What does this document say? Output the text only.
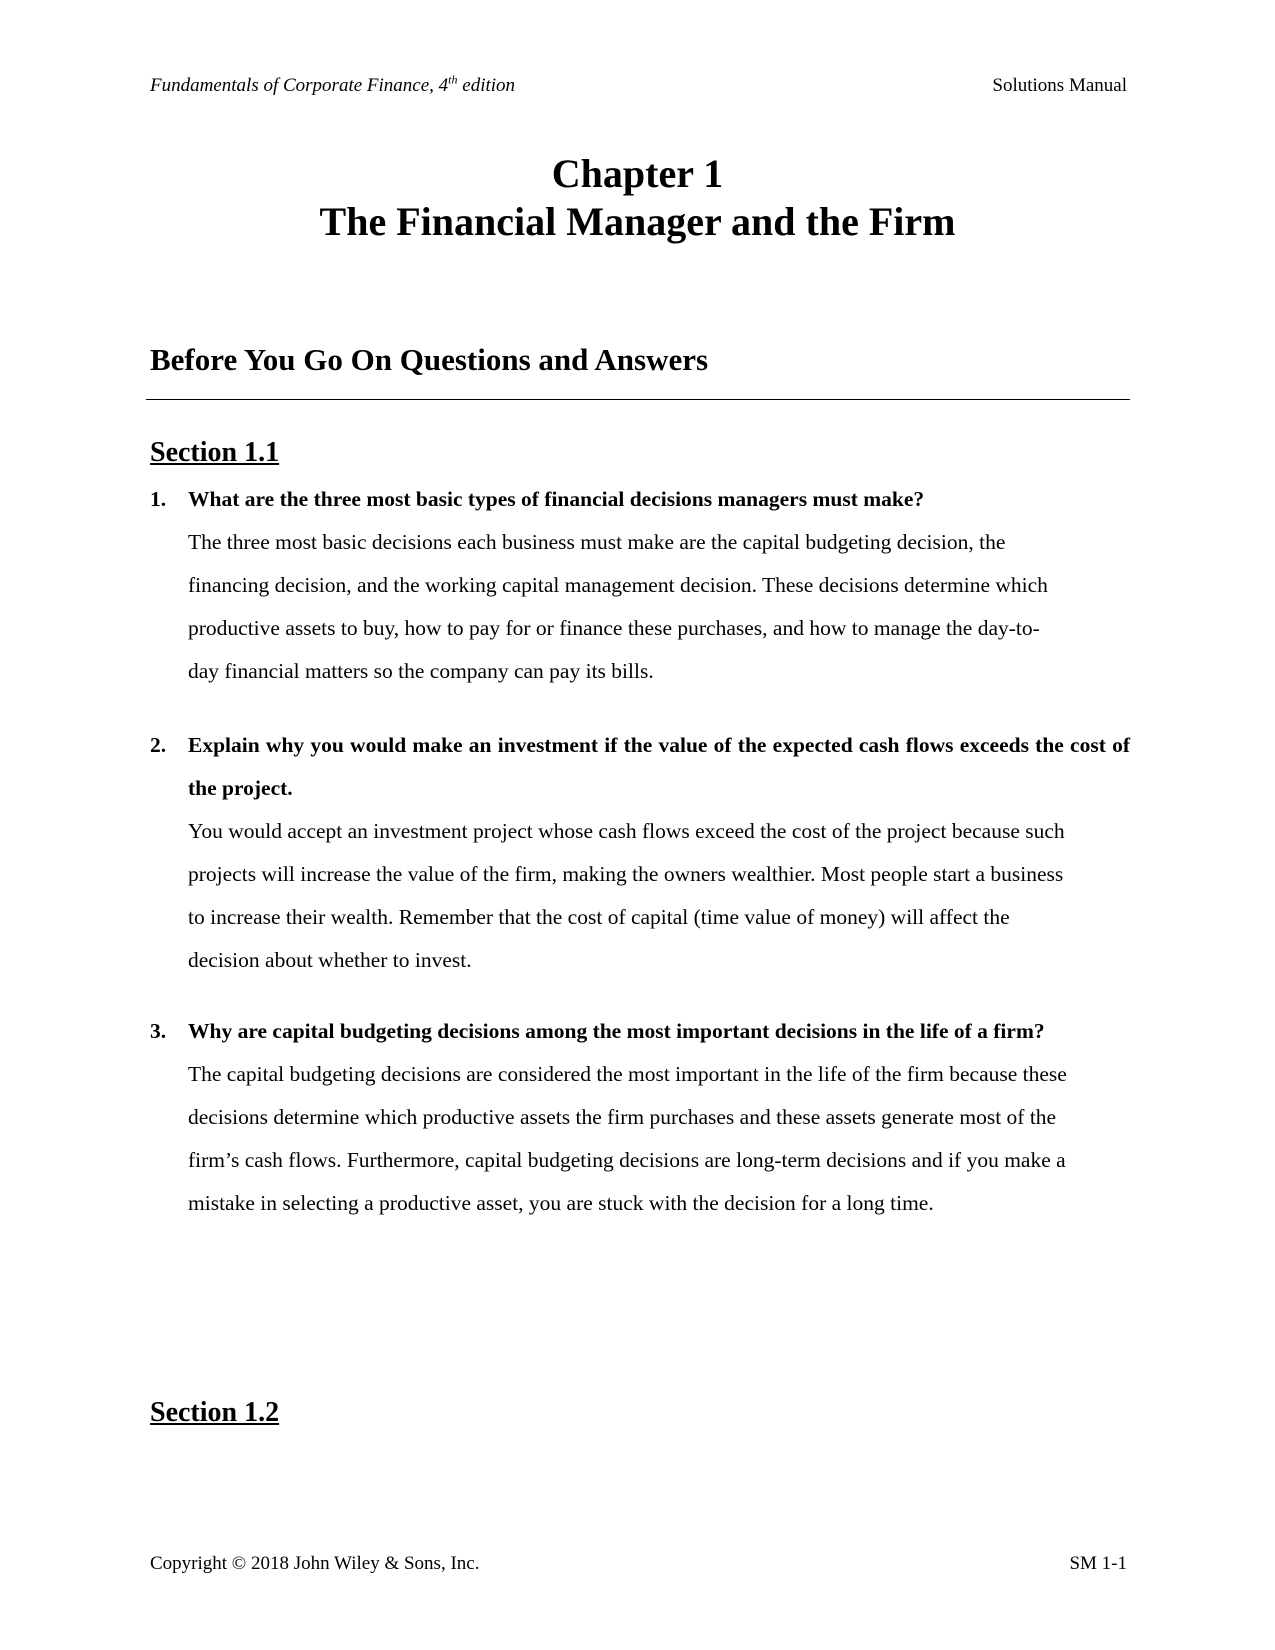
Fundamentals of Corporate Finance, 4th edition	Solutions Manual
Chapter 1
The Financial Manager and the Firm
Before You Go On Questions and Answers
Section 1.1
1. What are the three most basic types of financial decisions managers must make?
The three most basic decisions each business must make are the capital budgeting decision, the financing decision, and the working capital management decision. These decisions determine which productive assets to buy, how to pay for or finance these purchases, and how to manage the day-to-day financial matters so the company can pay its bills.
2. Explain why you would make an investment if the value of the expected cash flows exceeds the cost of the project.
You would accept an investment project whose cash flows exceed the cost of the project because such projects will increase the value of the firm, making the owners wealthier. Most people start a business to increase their wealth. Remember that the cost of capital (time value of money) will affect the decision about whether to invest.
3. Why are capital budgeting decisions among the most important decisions in the life of a firm?
The capital budgeting decisions are considered the most important in the life of the firm because these decisions determine which productive assets the firm purchases and these assets generate most of the firm’s cash flows. Furthermore, capital budgeting decisions are long-term decisions and if you make a mistake in selecting a productive asset, you are stuck with the decision for a long time.
Section 1.2
Copyright © 2018 John Wiley & Sons, Inc.	SM 1-1
